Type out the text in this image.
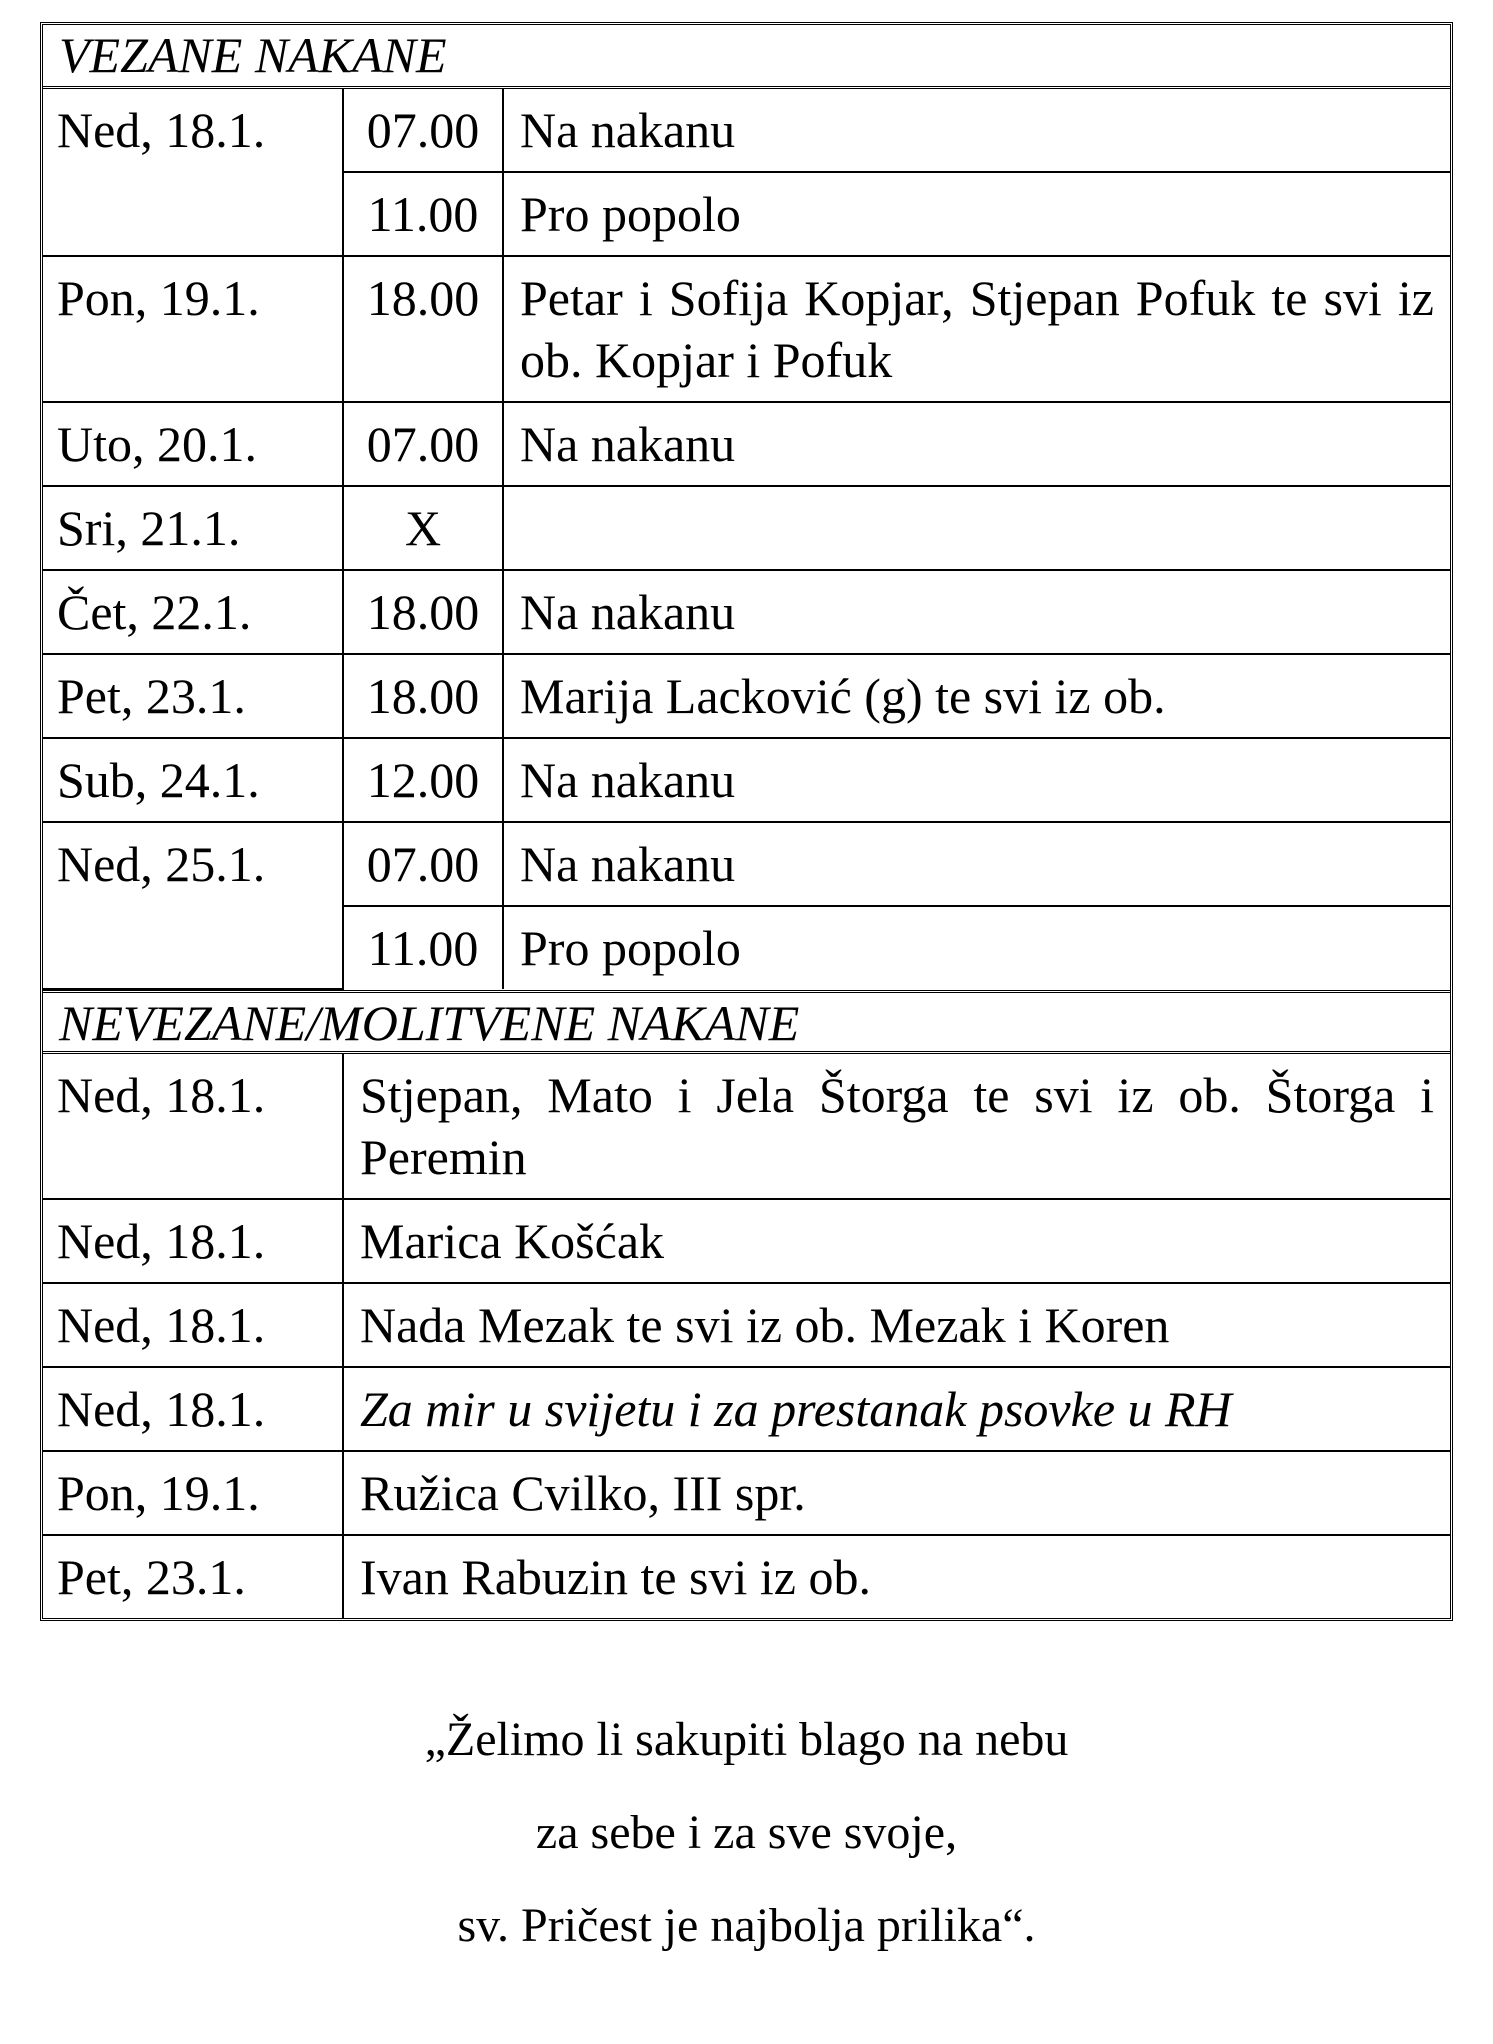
VEZANE NAKANE
Ned, 18.1.	07.00	Na nakanu
	11.00	Pro popolo
Pon, 19.1.	18.00	Petar i Sofija Kopjar, Stjepan Pofuk te svi iz ob. Kopjar i Pofuk
Uto, 20.1.	07.00	Na nakanu
Sri, 21.1.	X	
Čet, 22.1.	18.00	Na nakanu
Pet, 23.1.	18.00	Marija Lacković (g) te svi iz ob.
Sub, 24.1.	12.00	Na nakanu
Ned, 25.1.	07.00	Na nakanu
	11.00	Pro popolo
NEVEZANE/MOLITVENE NAKANE
Ned, 18.1.	Stjepan, Mato i Jela Štorga te svi iz ob. Štorga i Peremin
Ned, 18.1.	Marica Košćak
Ned, 18.1.	Nada Mezak te svi iz ob. Mezak i Koren
Ned, 18.1.	Za mir u svijetu i za prestanak psovke u RH
Pon, 19.1.	Ružica Cvilko, III spr.
Pet, 23.1.	Ivan Rabuzin te svi iz ob.
„Želimo li sakupiti blago na nebu
za sebe i za sve svoje,
sv. Pričest je najbolja prilika“.
